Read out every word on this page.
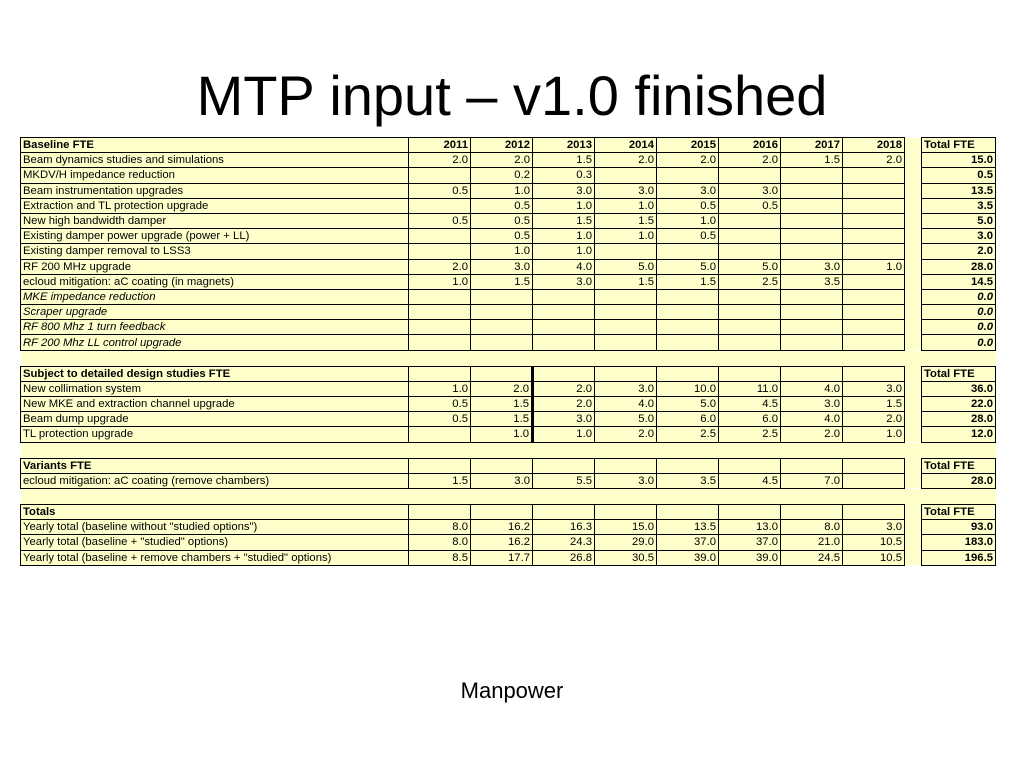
MTP input – v1.0 finished
Baseline FTE	2011	2012	2013	2014	2015	2016	2017	2018		Total FTE
Beam dynamics studies and simulations	2.0	2.0	1.5	2.0	2.0	2.0	1.5	2.0		15.0
MKDV/H impedance reduction		0.2	0.3							0.5
Beam instrumentation upgrades	0.5	1.0	3.0	3.0	3.0	3.0				13.5
Extraction and TL protection upgrade		0.5	1.0	1.0	0.5	0.5				3.5
New high bandwidth damper	0.5	0.5	1.5	1.5	1.0					5.0
Existing damper power upgrade (power + LL)		0.5	1.0	1.0	0.5					3.0
Existing damper removal to LSS3		1.0	1.0							2.0
RF 200 MHz upgrade	2.0	3.0	4.0	5.0	5.0	5.0	3.0	1.0		28.0
ecloud mitigation: aC coating (in magnets)	1.0	1.5	3.0	1.5	1.5	2.5	3.5			14.5
MKE impedance reduction										0.0
Scraper upgrade										0.0
RF 800 Mhz 1 turn feedback										0.0
RF 200 Mhz LL control upgrade										0.0

Subject to detailed design studies FTE										Total FTE
New collimation system	1.0	2.0	2.0	3.0	10.0	11.0	4.0	3.0		36.0
New MKE and extraction channel upgrade	0.5	1.5	2.0	4.0	5.0	4.5	3.0	1.5		22.0
Beam dump upgrade	0.5	1.5	3.0	5.0	6.0	6.0	4.0	2.0		28.0
TL protection upgrade		1.0	1.0	2.0	2.5	2.5	2.0	1.0		12.0

Variants FTE										Total FTE
ecloud mitigation: aC coating (remove chambers)	1.5	3.0	5.5	3.0	3.5	4.5	7.0			28.0

Totals										Total FTE
Yearly total (baseline without "studied options")	8.0	16.2	16.3	15.0	13.5	13.0	8.0	3.0		93.0
Yearly total (baseline + "studied" options)	8.0	16.2	24.3	29.0	37.0	37.0	21.0	10.5		183.0
Yearly total (baseline + remove chambers + "studied" options)	8.5	17.7	26.8	30.5	39.0	39.0	24.5	10.5		196.5
Manpower
